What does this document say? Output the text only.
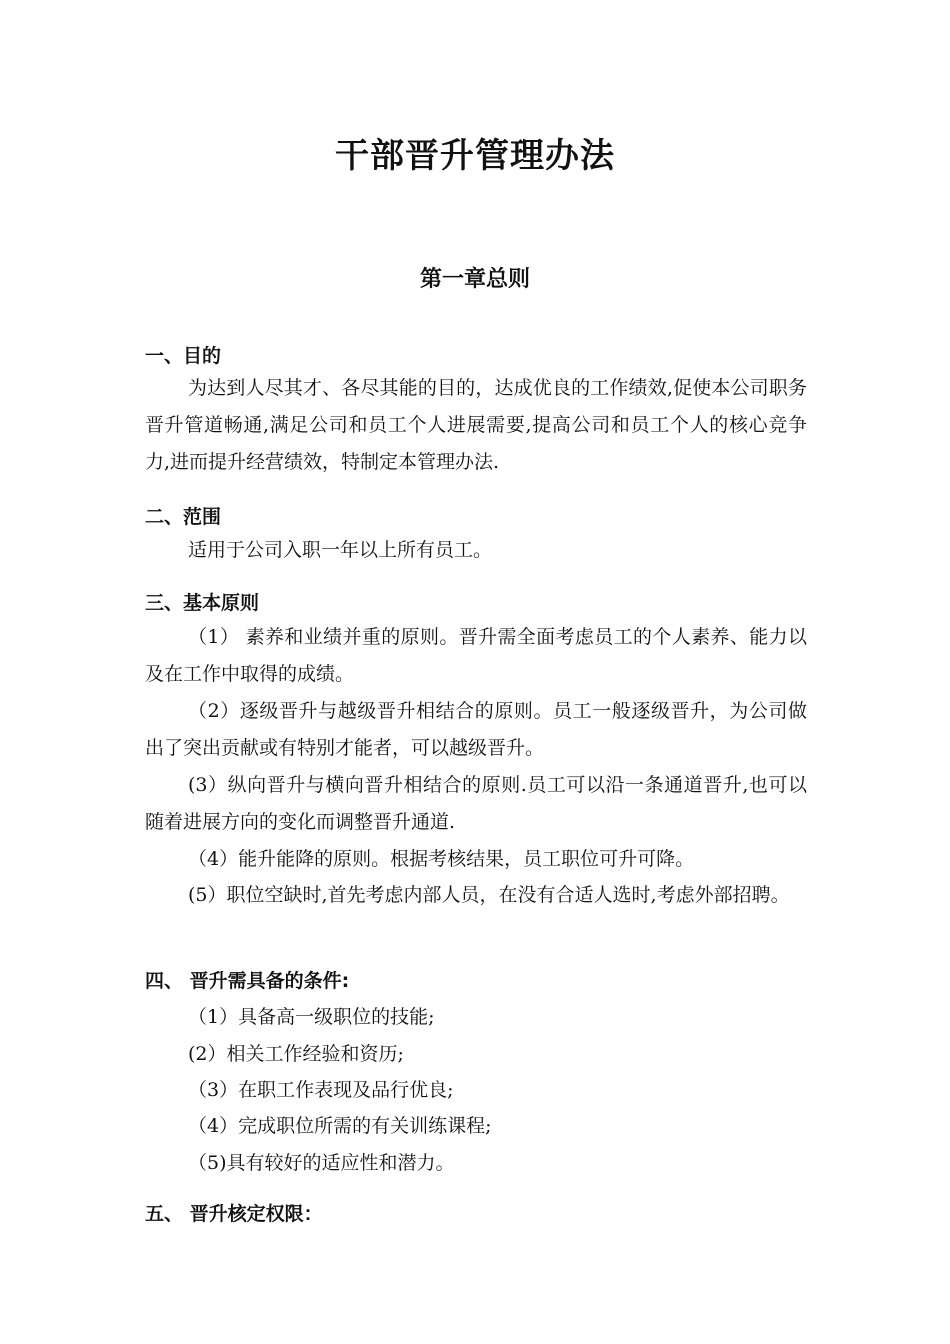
干部晋升管理办法
第一章总则
一、目的
为达到人尽其才、各尽其能的目的，达成优良的工作绩效,促使本公司职务晋升管道畅通,满足公司和员工个人进展需要,提高公司和员工个人的核心竞争力,进而提升经营绩效，特制定本管理办法.
二、范围
适用于公司入职一年以上所有员工。
三、基本原则
（1） 素养和业绩并重的原则。晋升需全面考虑员工的个人素养、能力以及在工作中取得的成绩。
（2）逐级晋升与越级晋升相结合的原则。员工一般逐级晋升，为公司做出了突出贡献或有特别才能者，可以越级晋升。
(3）纵向晋升与横向晋升相结合的原则.员工可以沿一条通道晋升,也可以随着进展方向的变化而调整晋升通道.
（4）能升能降的原则。根据考核结果，员工职位可升可降。
(5）职位空缺时,首先考虑内部人员，在没有合适人选时,考虑外部招聘。
四、 晋升需具备的条件:
（1）具备高一级职位的技能;
(2）相关工作经验和资历;
（3）在职工作表现及品行优良;
（4）完成职位所需的有关训练课程;
（5)具有较好的适应性和潜力。
五、 晋升核定权限：
